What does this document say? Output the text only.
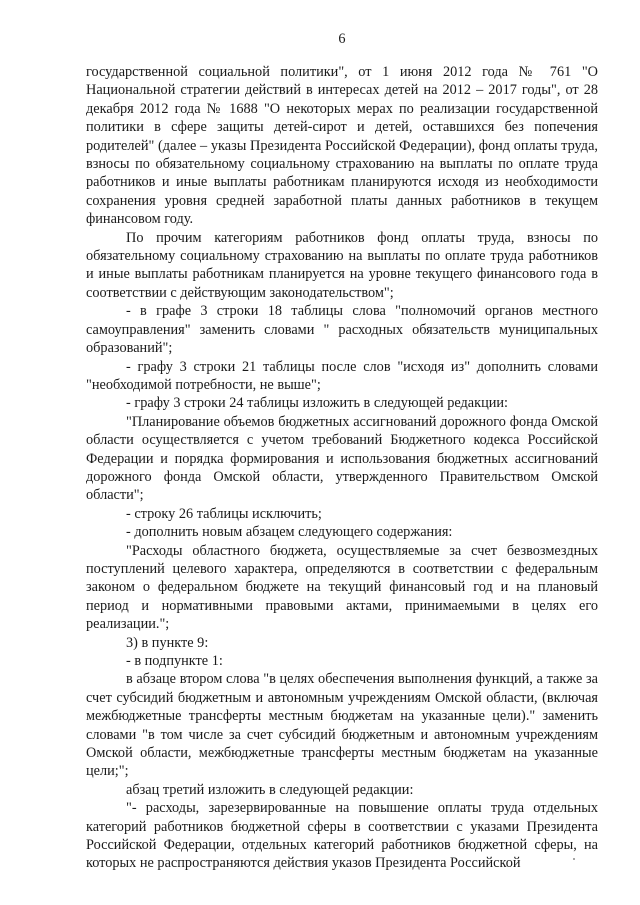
6

государственной социальной политики", от 1 июня 2012 года № 761 "О Национальной стратегии действий в интересах детей на 2012 – 2017 годы", от 28 декабря 2012 года № 1688 "О некоторых мерах по реализации государственной политики в сфере защиты детей-сирот и детей, оставшихся без попечения родителей" (далее – указы Президента Российской Федерации), фонд оплаты труда, взносы по обязательному социальному страхованию на выплаты по оплате труда работников и иные выплаты работникам планируются исходя из необходимости сохранения уровня средней заработной платы данных работников в текущем финансовом году.

По прочим категориям работников фонд оплаты труда, взносы по обязательному социальному страхованию на выплаты по оплате труда работников и иные выплаты работникам планируется на уровне текущего финансового года в соответствии с действующим законодательством";

- в графе 3 строки 18 таблицы слова "полномочий органов местного самоуправления" заменить словами " расходных обязательств муниципальных образований";

- графу 3 строки 21 таблицы после слов "исходя из" дополнить словами "необходимой потребности, не выше";

- графу 3 строки 24 таблицы изложить в следующей редакции:

"Планирование объемов бюджетных ассигнований дорожного фонда Омской области осуществляется с учетом требований Бюджетного кодекса Российской Федерации и порядка формирования и использования бюджетных ассигнований дорожного фонда Омской области, утвержденного Правительством Омской области";

- строку 26 таблицы исключить;

- дополнить новым абзацем следующего содержания:

"Расходы областного бюджета, осуществляемые за счет безвозмездных поступлений целевого характера, определяются в соответствии с федеральным законом о федеральном бюджете на текущий финансовый год и на плановый период и нормативными правовыми актами, принимаемыми в целях его реализации.";

3) в пункте 9:

- в подпункте 1:

в абзаце втором слова "в целях обеспечения выполнения функций, а также за счет субсидий бюджетным и автономным учреждениям Омской области, (включая межбюджетные трансферты местным бюджетам на указанные цели)." заменить словами "в том числе за счет субсидий бюджетным и автономным учреждениям Омской области, межбюджетные трансферты местным бюджетам на указанные цели;";

абзац третий изложить в следующей редакции:

"- расходы, зарезервированные на повышение оплаты труда отдельных категорий работников бюджетной сферы в соответствии с указами Президента Российской Федерации, отдельных категорий работников бюджетной сферы, на которых не распространяются действия указов Президента Российской
